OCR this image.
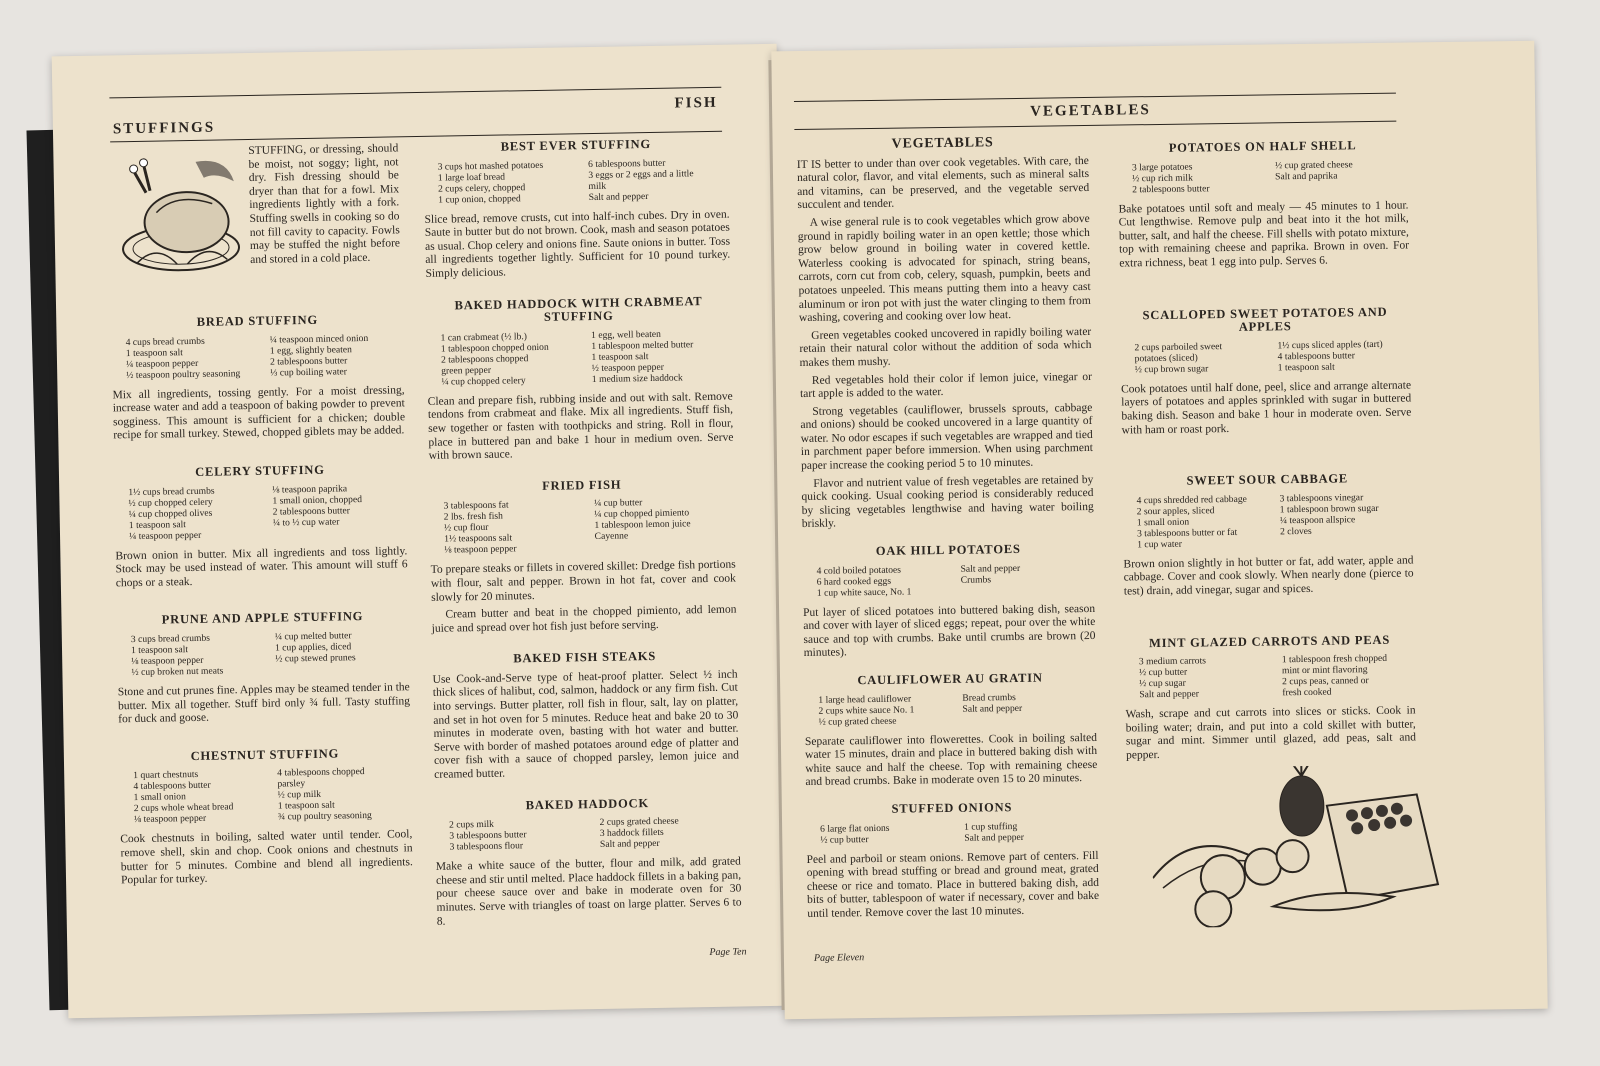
STUFFINGS
FISH

STUFFING, or dressing, should be moist, not soggy; light, not dry. Fish dressing should be dryer than that for a fowl. Mix ingredients lightly with a fork. Stuffing swells in cooking so do not fill cavity to capacity. Fowls may be stuffed the night before and stored in a cold place.

BREAD STUFFING
4 cups bread crumbs
1 teaspoon salt
¼ teaspoon pepper
½ teaspoon poultry seasoning
¼ teaspoon minced onion
1 egg, slightly beaten
2 tablespoons butter
⅓ cup boiling water

Mix all ingredients, tossing gently. For a moist dressing, increase water and add a teaspoon of baking powder to prevent sogginess. This amount is sufficient for a chicken; double recipe for small turkey. Stewed, chopped giblets may be added.

CELERY STUFFING
1½ cups bread crumbs
½ cup chopped celery
¼ cup chopped olives
1 teaspoon salt
¼ teaspoon pepper
⅛ teaspoon paprika
1 small onion, chopped
2 tablespoons butter
¼ to ½ cup water

Brown onion in butter. Mix all ingredients and toss lightly. Stock may be used instead of water. This amount will stuff 6 chops or a steak.

PRUNE AND APPLE STUFFING
3 cups bread crumbs
1 teaspoon salt
⅛ teaspoon pepper
½ cup broken nut meats
¼ cup melted butter
1 cup applies, diced
½ cup stewed prunes

Stone and cut prunes fine. Apples may be steamed tender in the butter. Mix all together. Stuff bird only ¾ full. Tasty stuffing for duck and goose.

CHESTNUT STUFFING
1 quart chestnuts
4 tablespoons butter
1 small onion
2 cups whole wheat bread
⅛ teaspoon pepper
4 tablespoons chopped
parsley
½ cup milk
1 teaspoon salt
¾ cup poultry seasoning

Cook chestnuts in boiling, salted water until tender. Cool, remove shell, skin and chop. Cook onions and chestnuts in butter for 5 minutes. Combine and blend all ingredients. Popular for turkey.

BEST EVER STUFFING
3 cups hot mashed potatoes
1 large loaf bread
2 cups celery, chopped
1 cup onion, chopped
6 tablespoons butter
3 eggs or 2 eggs and a little
milk
Salt and pepper

Slice bread, remove crusts, cut into half-inch cubes. Dry in oven. Saute in butter but do not brown. Cook, mash and season potatoes as usual. Chop celery and onions fine. Saute onions in butter. Toss all ingredients together lightly. Sufficient for 10 pound turkey. Simply delicious.

BAKED HADDOCK WITH CRABMEAT STUFFING
1 can crabmeat (½ lb.)
1 tablespoon chopped onion
2 tablespoons chopped
green pepper
¼ cup chopped celery
1 egg, well beaten
1 tablespoon melted butter
1 teaspoon salt
½ teaspoon pepper
1 medium size haddock

Clean and prepare fish, rubbing inside and out with salt. Remove tendons from crabmeat and flake. Mix all ingredients. Stuff fish, sew together or fasten with toothpicks and string. Roll in flour, place in buttered pan and bake 1 hour in medium oven. Serve with brown sauce.

FRIED FISH
3 tablespoons fat
2 lbs. fresh fish
½ cup flour
1½ teaspoons salt
⅛ teaspoon pepper
¼ cup butter
¼ cup chopped pimiento
1 tablespoon lemon juice
Cayenne

To prepare steaks or fillets in covered skillet: Dredge fish portions with flour, salt and pepper. Brown in hot fat, cover and cook slowly for 20 minutes.

Cream butter and beat in the chopped pimiento, add lemon juice and spread over hot fish just before serving.

BAKED FISH STEAKS

Use Cook-and-Serve type of heat-proof platter. Select ½ inch thick slices of halibut, cod, salmon, haddock or any firm fish. Cut into servings. Butter platter, roll fish in flour, salt, lay on platter, and set in hot oven for 5 minutes. Reduce heat and bake 20 to 30 minutes in moderate oven, basting with hot water and butter. Serve with border of mashed potatoes around edge of platter and cover fish with a sauce of chopped parsley, lemon juice and creamed butter.

BAKED HADDOCK
2 cups milk
3 tablespoons butter
3 tablespoons flour
2 cups grated cheese
3 haddock fillets
Salt and pepper

Make a white sauce of the butter, flour and milk, add grated cheese and stir until melted. Place haddock fillets in a baking pan, pour cheese sauce over and bake in moderate oven for 30 minutes. Serve with triangles of toast on large platter. Serves 6 to 8.

Page Ten
VEGETABLES
VEGETABLES

IT IS better to under than over cook vegetables. With care, the natural color, flavor, and vital elements, such as mineral salts and vitamins, can be preserved, and the vegetable served succulent and tender.

A wise general rule is to cook vegetables which grow above ground in rapidly boiling water in an open kettle; those which grow below ground in boiling water in covered kettle. Waterless cooking is advocated for spinach, string beans, carrots, corn cut from cob, celery, squash, pumpkin, beets and potatoes unpeeled. This means putting them into a heavy cast aluminum or iron pot with just the water clinging to them from washing, covering and cooking over low heat.

Green vegetables cooked uncovered in rapidly boiling water retain their natural color without the addition of soda which makes them mushy.

Red vegetables hold their color if lemon juice, vinegar or tart apple is added to the water.

Strong vegetables (cauliflower, brussels sprouts, cabbage and onions) should be cooked uncovered in a large quantity of water. No odor escapes if such vegetables are wrapped and tied in parchment paper before immersion. When using parchment paper increase the cooking period 5 to 10 minutes.

Flavor and nutrient value of fresh vegetables are retained by quick cooking. Usual cooking period is considerably reduced by slicing vegetables lengthwise and having water boiling briskly.

OAK HILL POTATOES
4 cold boiled potatoes
6 hard cooked eggs
1 cup white sauce, No. 1
Salt and pepper
Crumbs

Put layer of sliced potatoes into buttered baking dish, season and cover with layer of sliced eggs; repeat, pour over the white sauce and top with crumbs. Bake until crumbs are brown (20 minutes).

CAULIFLOWER AU GRATIN
1 large head cauliflower
2 cups white sauce No. 1
½ cup grated cheese
Bread crumbs
Salt and pepper

Separate cauliflower into flowerettes. Cook in boiling salted water 15 minutes, drain and place in buttered baking dish with white sauce and half the cheese. Top with remaining cheese and bread crumbs. Bake in moderate oven 15 to 20 minutes.

STUFFED ONIONS
6 large flat onions
½ cup butter
1 cup stuffing
Salt and pepper

Peel and parboil or steam onions. Remove part of centers. Fill opening with bread stuffing or bread and ground meat, grated cheese or rice and tomato. Place in buttered baking dish, add bits of butter, tablespoon of water if necessary, cover and bake until tender. Remove cover the last 10 minutes.

POTATOES ON HALF SHELL
3 large potatoes
½ cup rich milk
2 tablespoons butter
½ cup grated cheese
Salt and paprika

Bake potatoes until soft and mealy — 45 minutes to 1 hour. Cut lengthwise. Remove pulp and beat into it the hot milk, butter, salt, and half the cheese. Fill shells with potato mixture, top with remaining cheese and paprika. Brown in oven. For extra richness, beat 1 egg into pulp. Serves 6.

SCALLOPED SWEET POTATOES AND APPLES
2 cups parboiled sweet
potatoes (sliced)
½ cup brown sugar
1½ cups sliced apples (tart)
4 tablespoons butter
1 teaspoon salt

Cook potatoes until half done, peel, slice and arrange alternate layers of potatoes and apples sprinkled with sugar in buttered baking dish. Season and bake 1 hour in moderate oven. Serve with ham or roast pork.

SWEET SOUR CABBAGE
4 cups shredded red cabbage
2 sour apples, sliced
1 small onion
3 tablespoons butter or fat
1 cup water
3 tablespoons vinegar
1 tablespoon brown sugar
¼ teaspoon allspice
2 cloves

Brown onion slightly in hot butter or fat, add water, apple and cabbage. Cover and cook slowly. When nearly done (pierce to test) drain, add vinegar, sugar and spices.

MINT GLAZED CARROTS AND PEAS
3 medium carrots
½ cup butter
½ cup sugar
Salt and pepper
1 tablespoon fresh chopped
mint or mint flavoring
2 cups peas, canned or
fresh cooked

Wash, scrape and cut carrots into slices or sticks. Cook in boiling water; drain, and put into a cold skillet with butter, sugar and mint. Simmer until glazed, add peas, salt and pepper.

Page Eleven
